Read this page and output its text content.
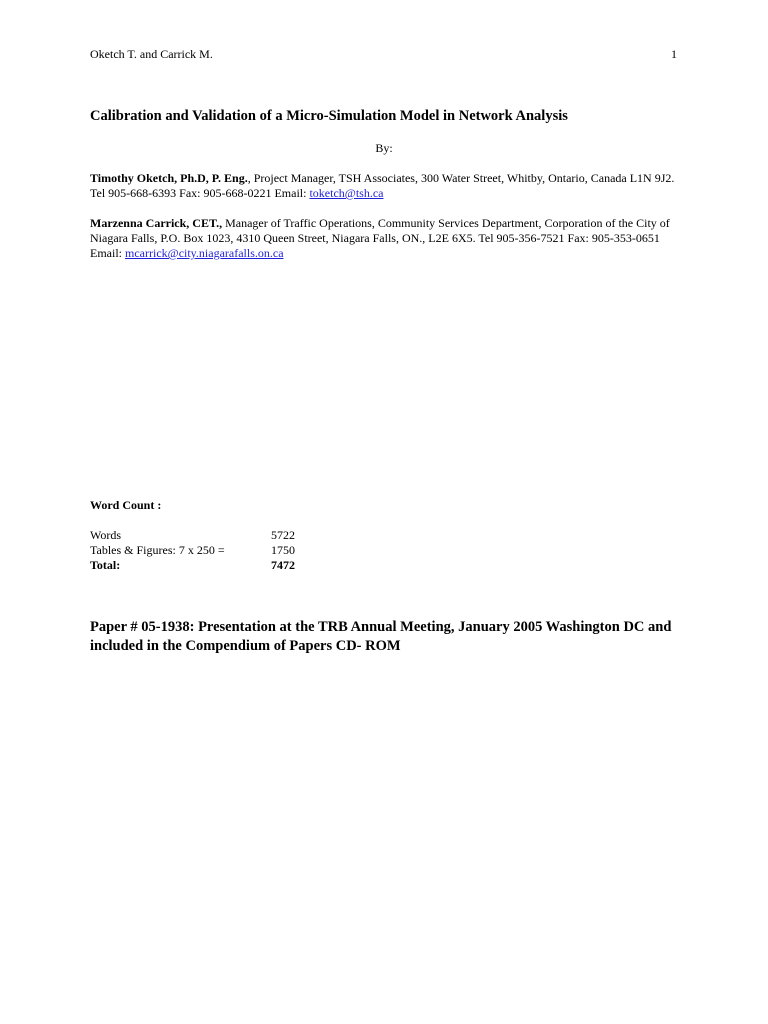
Oketch T. and Carrick M.	1
Calibration and Validation of a Micro-Simulation Model in Network Analysis
By:
Timothy Oketch, Ph.D, P. Eng., Project Manager, TSH Associates, 300 Water Street, Whitby, Ontario, Canada L1N 9J2. Tel 905-668-6393 Fax: 905-668-0221 Email: toketch@tsh.ca
Marzenna Carrick, CET., Manager of Traffic Operations, Community Services Department, Corporation of the City of Niagara Falls, P.O. Box 1023, 4310 Queen Street, Niagara Falls, ON., L2E 6X5. Tel 905-356-7521 Fax: 905-353-0651 Email: mcarrick@city.niagarafalls.on.ca
Word Count :
Words	5722
Tables & Figures: 7 x 250 =	1750
Total:	7472
Paper # 05-1938: Presentation at the TRB Annual Meeting, January 2005 Washington DC and included in the Compendium of Papers CD- ROM
